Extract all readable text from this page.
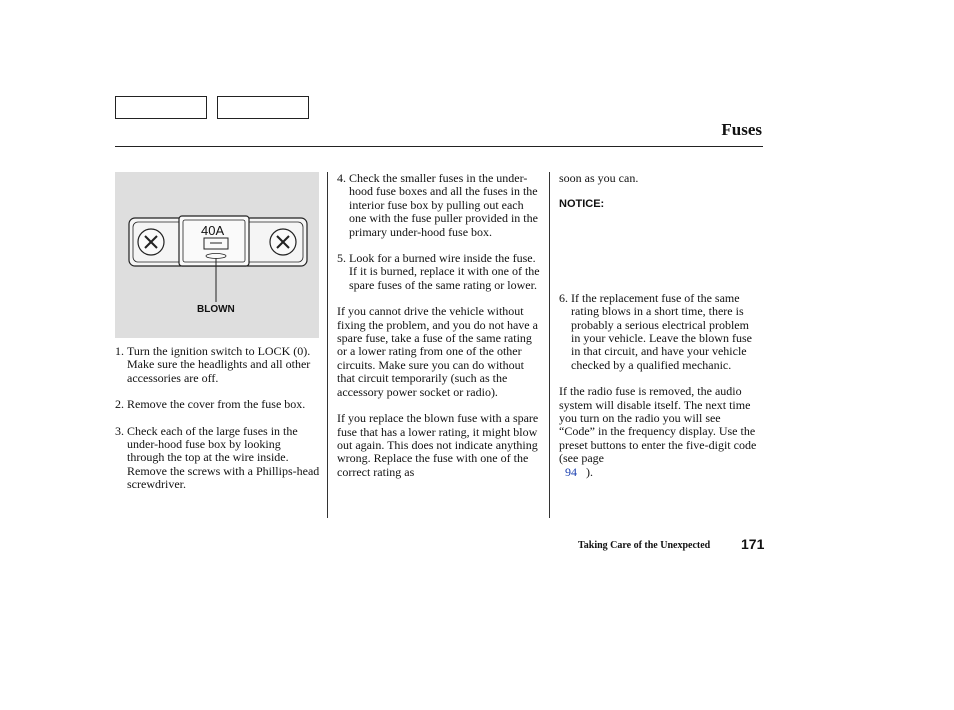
Fuses
40A
BLOWN
1. Turn the ignition switch to LOCK (0). Make sure the headlights and all other accessories are off.
2. Remove the cover from the fuse box.
3. Check each of the large fuses in the under-hood fuse box by looking through the top at the wire inside. Remove the screws with a Phillips-head screwdriver.
4. Check the smaller fuses in the under-hood fuse boxes and all the fuses in the interior fuse box by pulling out each one with the fuse puller provided in the primary under-hood fuse box.
5. Look for a burned wire inside the fuse. If it is burned, replace it with one of the spare fuses of the same rating or lower.

If you cannot drive the vehicle without fixing the problem, and you do not have a spare fuse, take a fuse of the same rating or a lower rating from one of the other circuits. Make sure you can do without that circuit temporarily (such as the accessory power socket or radio).

If you replace the blown fuse with a spare fuse that has a lower rating, it might blow out again. This does not indicate anything wrong. Replace the fuse with one of the correct rating as

soon as you can.

NOTICE:

6. If the replacement fuse of the same rating blows in a short time, there is probably a serious electrical problem in your vehicle. Leave the blown fuse in that circuit, and have your vehicle checked by a qualified mechanic.

If the radio fuse is removed, the audio system will disable itself. The next time you turn on the radio you will see “Code” in the frequency display. Use the preset buttons to enter the five-digit code (see page
94 ).

Taking Care of the Unexpected 171
